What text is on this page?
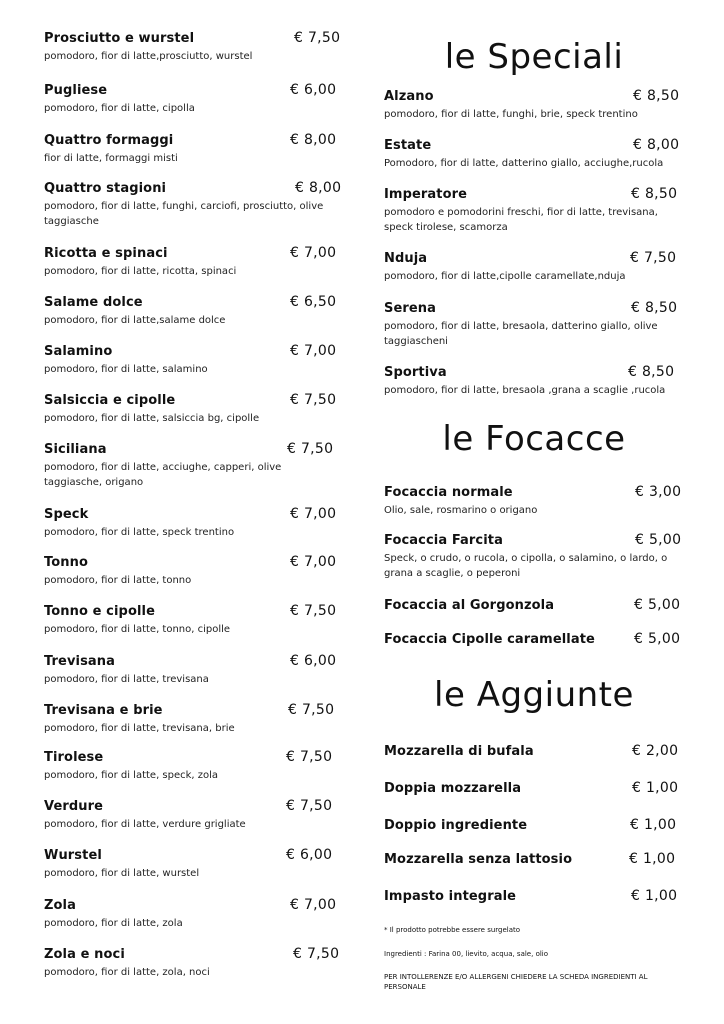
Prosciutto e wurstel	€ 7,50
pomodoro, fior di latte,prosciutto, wurstel
Pugliese	€ 6,00
pomodoro, fior di latte, cipolla
Quattro formaggi	€ 8,00
fior di latte, formaggi misti
Quattro stagioni	€ 8,00
pomodoro, fior di latte, funghi, carciofi, prosciutto, olive taggiasche
Ricotta e spinaci	€ 7,00
pomodoro, fior di latte, ricotta, spinaci
Salame dolce	€ 6,50
pomodoro, fior di latte,salame dolce
Salamino	€ 7,00
pomodoro, fior di latte, salamino
Salsiccia e cipolle	€ 7,50
pomodoro, fior di latte, salsiccia bg, cipolle
Siciliana	€ 7,50
pomodoro, fior di latte, acciughe, capperi, olive taggiasche, origano
Speck	€ 7,00
pomodoro, fior di latte, speck trentino
Tonno	€ 7,00
pomodoro, fior di latte, tonno
Tonno e cipolle	€ 7,50
pomodoro, fior di latte, tonno, cipolle
Trevisana	€ 6,00
pomodoro, fior di latte, trevisana
Trevisana e brie	€ 7,50
pomodoro, fior di latte, trevisana, brie
Tirolese	€ 7,50
pomodoro, fior di latte, speck, zola
Verdure	€ 7,50
pomodoro, fior di latte, verdure grigliate
Wurstel	€ 6,00
pomodoro, fior di latte, wurstel
Zola	€ 7,00
pomodoro, fior di latte, zola
Zola e noci	€ 7,50
pomodoro, fior di latte, zola, noci
le Speciali
Alzano	€ 8,50
pomodoro, fior di latte, funghi, brie, speck trentino
Estate	€ 8,00
Pomodoro, fior di latte, datterino giallo, acciughe,rucola
Imperatore	€ 8,50
pomodoro e pomodorini freschi, fior di latte, trevisana, speck tirolese, scamorza
Nduja	€ 7,50
pomodoro, fior di latte,cipolle caramellate,nduja
Serena	€ 8,50
pomodoro, fior di latte, bresaola, datterino giallo, olive taggiascheni
Sportiva	€ 8,50
pomodoro, fior di latte, bresaola ,grana a scaglie ,rucola
le Focacce
Focaccia normale	€ 3,00
Olio, sale, rosmarino o origano
Focaccia Farcita	€ 5,00
Speck, o crudo, o rucola, o cipolla, o salamino, o lardo, o grana a scaglie, o peperoni
Focaccia al Gorgonzola	€ 5,00
Focaccia Cipolle caramellate	€ 5,00
le Aggiunte
Mozzarella di bufala	€ 2,00
Doppia mozzarella	€ 1,00
Doppio ingrediente	€ 1,00
Mozzarella senza lattosio	€ 1,00
Impasto integrale	€ 1,00
* Il prodotto potrebbe essere surgelato
Ingredienti : Farina 00, lievito, acqua, sale, olio
PER INTOLLERENZE E/O ALLERGENI CHIEDERE LA SCHEDA INGREDIENTI AL PERSONALE
